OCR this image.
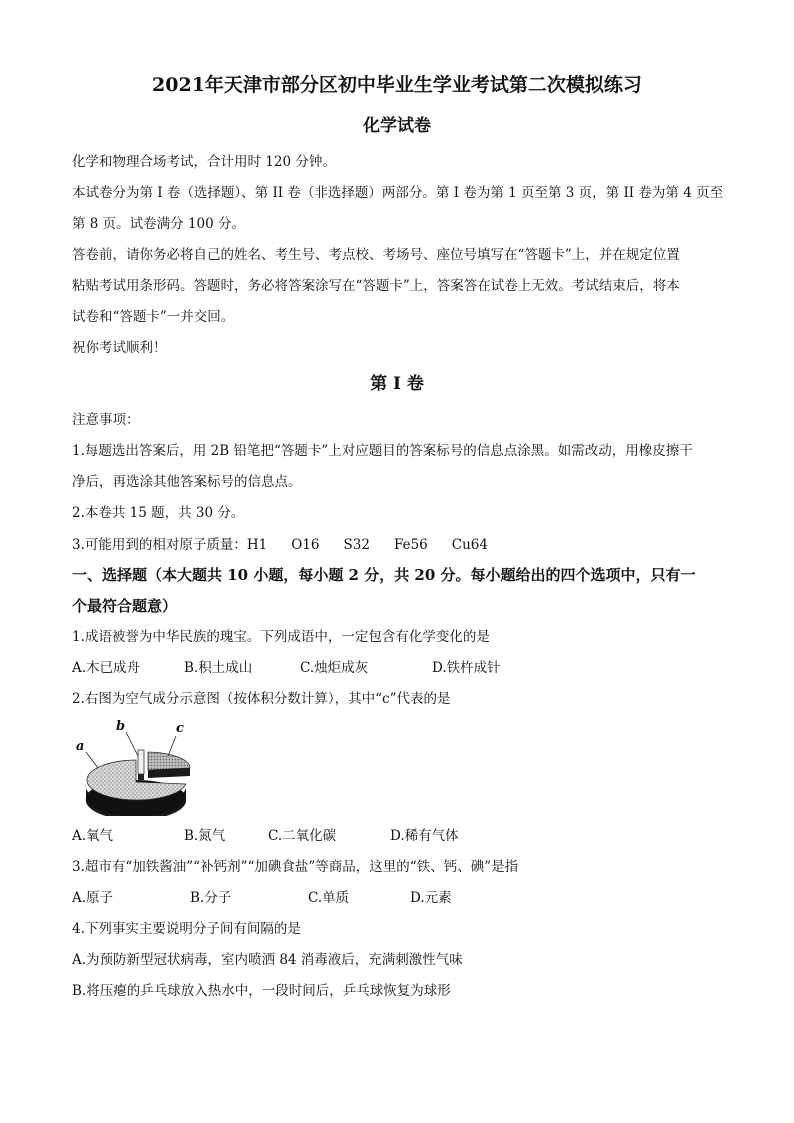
2021年天津市部分区初中毕业生学业考试第二次模拟练习
化学试卷
化学和物理合场考试，合计用时 120 分钟。
本试卷分为第 I 卷（选择题）、第 II 卷（非选择题）两部分。第 I 卷为第 1 页至第 3 页，第 II 卷为第 4 页至
第 8 页。试卷满分 100 分。
答卷前，请你务必将自己的姓名、考生号、考点校、考场号、座位号填写在“答题卡”上，并在规定位置
粘贴考试用条形码。答题时，务必将答案涂写在“答题卡”上，答案答在试卷上无效。考试结束后，将本
试卷和“答题卡”一并交回。
祝你考试顺利！
第 I 卷
注意事项：
1.每题选出答案后，用 2B 铅笔把“答题卡”上对应题目的答案标号的信息点涂黑。如需改动，用橡皮擦干
净后，再选涂其他答案标号的信息点。
2.本卷共 15 题，共 30 分。
3.可能用到的相对原子质量：H1 O16 S32 Fe56 Cu64
一、选择题（本大题共 10 小题，每小题 2 分，共 20 分。每小题给出的四个选项中，只有一
个最符合题意）
1.成语被誉为中华民族的瑰宝。下列成语中，一定包含有化学变化的是
A.木已成舟	B.积土成山	C.烛炬成灰	D.铁杵成针
2.右图为空气成分示意图（按体积分数计算），其中“c”代表的是
a
b	c
A.氧气	B.氮气	C.二氧化碳	D.稀有气体
3.超市有“加铁酱油”“补钙剂”“加碘食盐”等商品，这里的“铁、钙、碘”是指
A.原子	B.分子	C.单质	D.元素
4.下列事实主要说明分子间有间隔的是
A.为预防新型冠状病毒，室内喷洒 84 消毒液后，充满刺激性气味
B.将压瘪的乒乓球放入热水中，一段时间后，乒乓球恢复为球形
